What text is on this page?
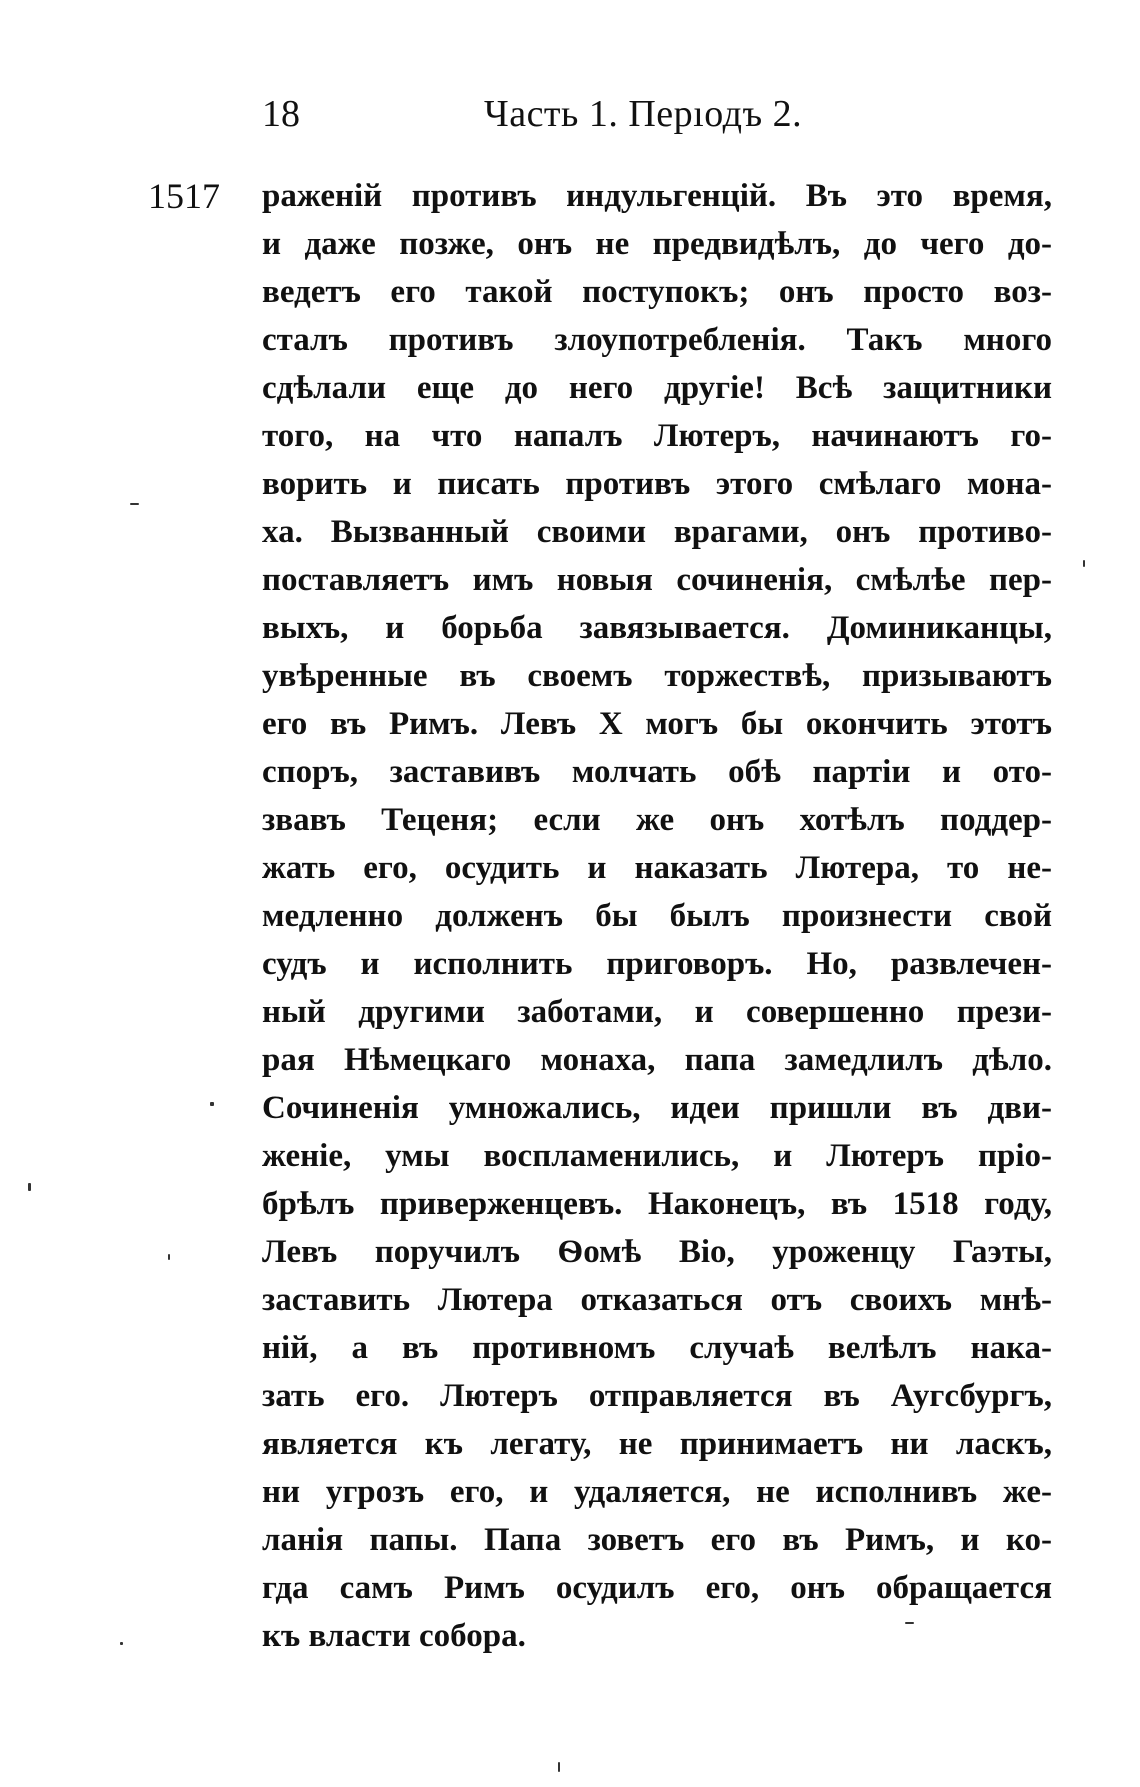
18	Часть 1. Перıодъ 2.
1517 раженій противъ индульгенцій. Въ это время,
и даже позже, онъ не предвидѣлъ, до чего до-
ведетъ его такой поступокъ; онъ просто воз-
сталъ противъ злоупотребленія. Такъ много
сдѣлали еще до него другіе! Всѣ защитники
того, на что напалъ Лютеръ, начинаютъ го-
ворить и писать противъ этого смѣлаго мона-
ха. Вызванный своими врагами, онъ противо-
поставляетъ имъ новыя сочиненія, смѣлѣе пер-
выхъ, и борьба завязывается. Доминиканцы,
увѣренные въ своемъ торжествѣ, призываютъ
его въ Римъ. Левъ X могъ бы окончить этотъ
споръ, заставивъ молчать обѣ партіи и ото-
звавъ Теценя; если же онъ хотѣлъ поддер-
жать его, осудить и наказать Лютера, то не-
медленно долженъ бы былъ произнести свой
судъ и исполнить приговоръ. Но, развлечен-
ный другими заботами, и совершенно прези-
рая Нѣмецкаго монаха, папа замедлилъ дѣло.
Сочиненія умножались, идеи пришли въ дви-
женіе, умы воспламенились, и Лютеръ пріо-
брѣлъ приверженцевъ. Наконецъ, въ 1518 году,
Левъ поручилъ Ѳомѣ Віо, уроженцу Гаэты,
заставить Лютера отказаться отъ своихъ мнѣ-
ній, а въ противномъ случаѣ велѣлъ нака-
зать его. Лютеръ отправляется въ Аугсбургъ,
является къ легату, не принимаетъ ни ласкъ,
ни угрозъ его, и удаляется, не исполнивъ же-
ланія папы. Папа зоветъ его въ Римъ, и ко-
гда самъ Римъ осудилъ его, онъ обращается
къ власти собора.
